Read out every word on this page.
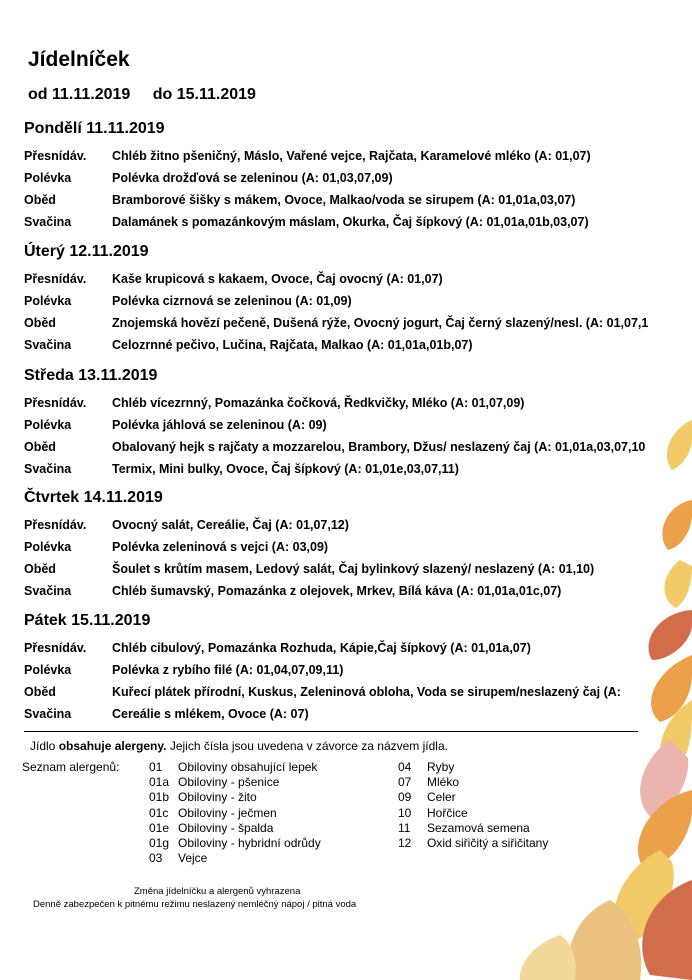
Jídelníček
od 11.11.2019 do 15.11.2019
Pondělí 11.11.2019
Přesnídáv. Chléb žitno pšeničný, Máslo, Vařené vejce, Rajčata, Karamelové mléko (A: 01,07)
Polévka	Polévka drožďová se zeleninou (A: 01,03,07,09)
Oběd	Bramborové šišky s mákem, Ovoce, Malkao/voda se sirupem (A: 01,01a,03,07)
Svačina	Dalamánek s pomazánkovým máslam, Okurka, Čaj šípkový (A: 01,01a,01b,03,07)
Úterý 12.11.2019
Přesnídáv. Kaše krupicová s kakaem, Ovoce, Čaj ovocný (A: 01,07)
Polévka	Polévka cizrnová se zeleninou (A: 01,09)
Oběd	Znojemská hovězí pečeně, Dušená rýže, Ovocný jogurt, Čaj černý slazený/nesl. (A: 01,07,1
Svačina	Celozrnné pečivo, Lučina, Rajčata, Malkao (A: 01,01a,01b,07)
Středa 13.11.2019
Přesnídáv. Chléb vícezrnný, Pomazánka čočková, Ředkvičky, Mléko (A: 01,07,09)
Polévka	Polévka jáhlová se zeleninou (A: 09)
Oběd	Obalovaný hejk s rajčaty a mozzarelou, Brambory, Džus/ neslazený čaj (A: 01,01a,03,07,10
Svačina	Termix, Mini bulky, Ovoce, Čaj šípkový (A: 01,01e,03,07,11)
Čtvrtek 14.11.2019
Přesnídáv. Ovocný salát, Cereálie, Čaj (A: 01,07,12)
Polévka	Polévka zeleninová s vejci (A: 03,09)
Oběd	Šoulet s krůtím masem, Ledový salát, Čaj bylinkový slazený/ neslazený (A: 01,10)
Svačina	Chléb šumavský, Pomazánka z olejovek, Mrkev, Bílá káva (A: 01,01a,01c,07)
Pátek 15.11.2019
Přesnídáv. Chléb cibulový, Pomazánka Rozhuda, Kápie,Čaj šípkový (A: 01,01a,07)
Polévka	Polévka z rybího filé (A: 01,04,07,09,11)
Oběd	Kuřecí plátek přírodní, Kuskus, Zeleninová obloha, Voda se sirupem/neslazený čaj (A:
Svačina	Cereálie s mlékem, Ovoce (A: 07)
Jídlo obsahuje alergeny. Jejich čísla jsou uvedena v závorce za názvem jídla.
Seznam alergenů: 01 Obiloviny obsahující lepek
01a Obiloviny - pšenice
01b Obiloviny - žito
01c Obiloviny - ječmen
01e Obiloviny - špalda
01g Obiloviny - hybridní odrůdy
03 Vejce
04 Ryby
07 Mléko
09 Celer
10 Hořčice
11 Sezamová semena
12 Oxid siřičitý a siřičitany
Změna jídelníčku a alergenů vyhrazena
Denně zabezpečen k pitnému režimu neslazený nemléčný nápoj / pitná voda
